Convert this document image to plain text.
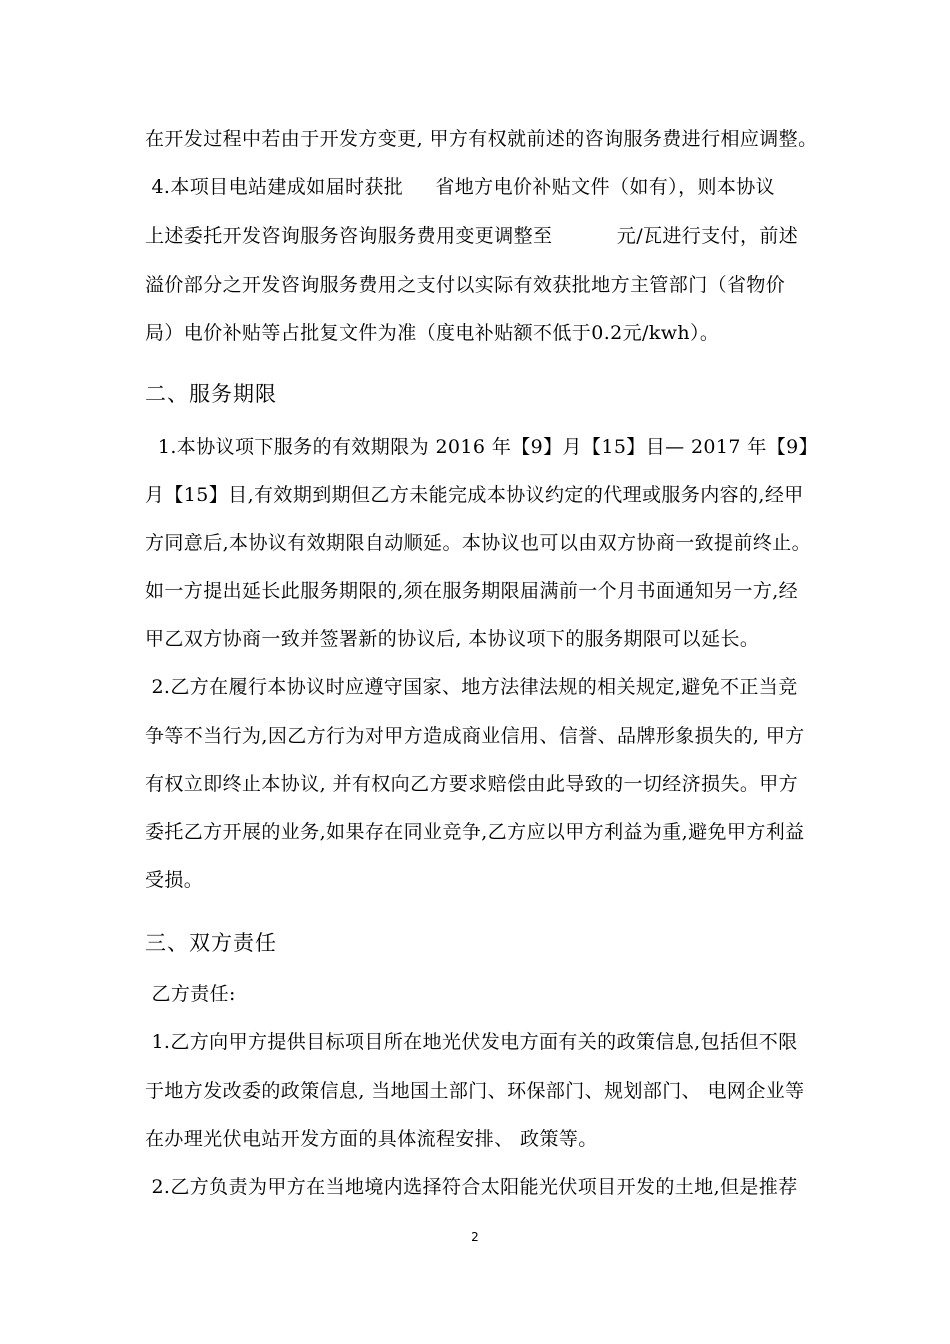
在开发过程中若由于开发方变更, 甲方有权就前述的咨询服务费进行相应调整。
4.本项目电站建成如届时获批     省地方电价补贴文件（如有），则本协议
上述委托开发咨询服务咨询服务费用变更调整至          元/瓦进行支付，前述
溢价部分之开发咨询服务费用之支付以实际有效获批地方主管部门（省物价
局）电价补贴等占批复文件为准（度电补贴额不低于0.2元/kwh）。
二、服务期限
1.本协议项下服务的有效期限为 2016 年【9】月【15】目— 2017 年【9】
月【15】目,有效期到期但乙方未能完成本协议约定的代理或服务内容的,经甲
方同意后,本协议有效期限自动顺延。本协议也可以由双方协商一致提前终止。
如一方提出延长此服务期限的,须在服务期限届满前一个月书面通知另一方,经
甲乙双方协商一致并签署新的协议后, 本协议项下的服务期限可以延长。
2.乙方在履行本协议时应遵守国家、地方法律法规的相关规定,避免不正当竞
争等不当行为,因乙方行为对甲方造成商业信用、信誉、品牌形象损失的, 甲方
有权立即终止本协议, 并有权向乙方要求赔偿由此导致的一切经济损失。甲方
委托乙方开展的业务,如果存在同业竞争,乙方应以甲方利益为重,避免甲方利益
受损。
三、双方责任
乙方责任:
1.乙方向甲方提供目标项目所在地光伏发电方面有关的政策信息,包括但不限
于地方发改委的政策信息, 当地国土部门、环保部门、规划部门、 电网企业等
在办理光伏电站开发方面的具体流程安排、 政策等。
2.乙方负责为甲方在当地境内选择符合太阳能光伏项目开发的土地,但是推荐
2
